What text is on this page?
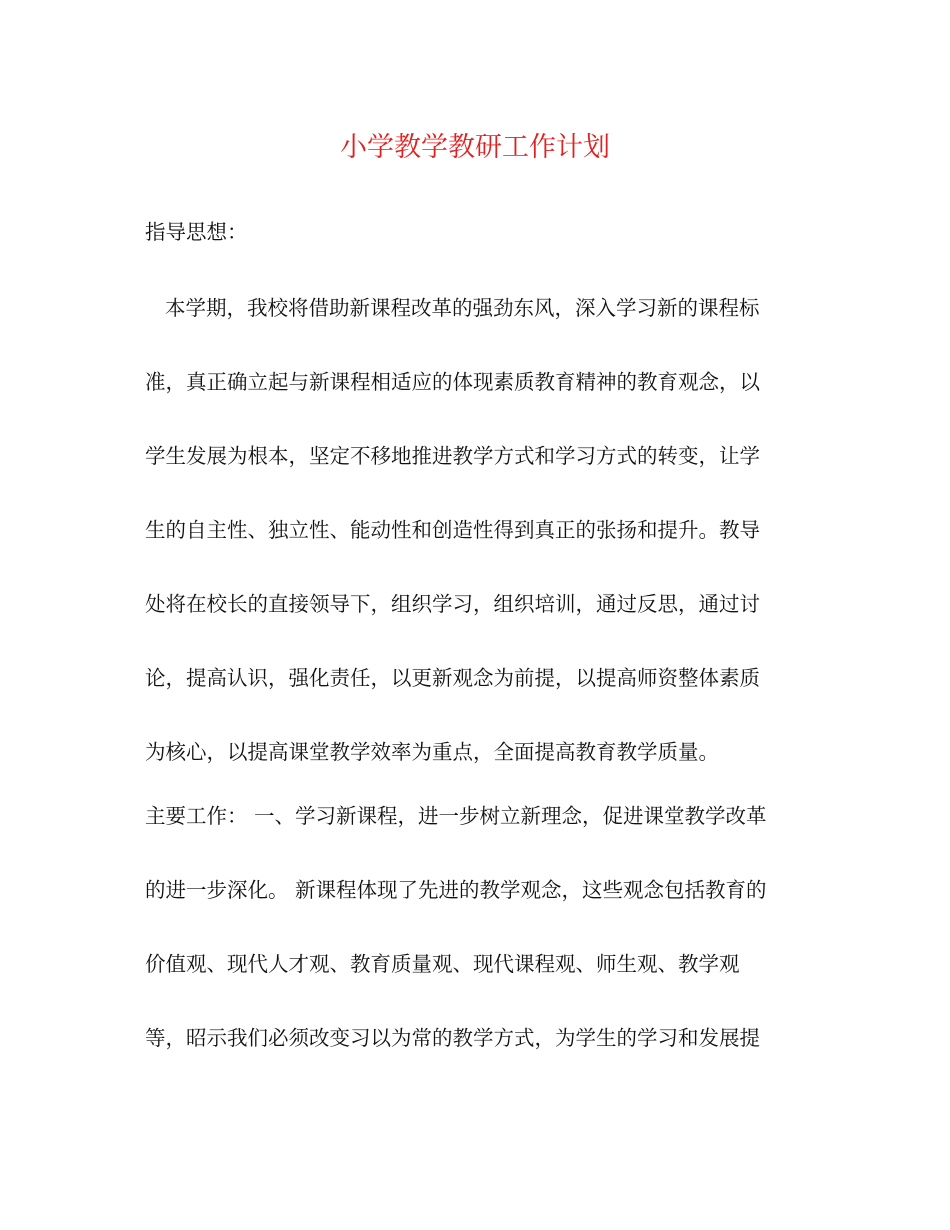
小学教学教研工作计划

指导思想：

本学期，我校将借助新课程改革的强劲东风，深入学习新的课程标

准，真正确立起与新课程相适应的体现素质教育精神的教育观念，以

学生发展为根本，坚定不移地推进教学方式和学习方式的转变，让学

生的自主性、独立性、能动性和创造性得到真正的张扬和提升。教导

处将在校长的直接领导下，组织学习，组织培训，通过反思，通过讨

论，提高认识，强化责任，以更新观念为前提，以提高师资整体素质

为核心，以提高课堂教学效率为重点，全面提高教育教学质量。

主要工作： 一、学习新课程，进一步树立新理念，促进课堂教学改革

的进一步深化。 新课程体现了先进的教学观念，这些观念包括教育的

价值观、现代人才观、教育质量观、现代课程观、师生观、教学观

等，昭示我们必须改变习以为常的教学方式，为学生的学习和发展提
